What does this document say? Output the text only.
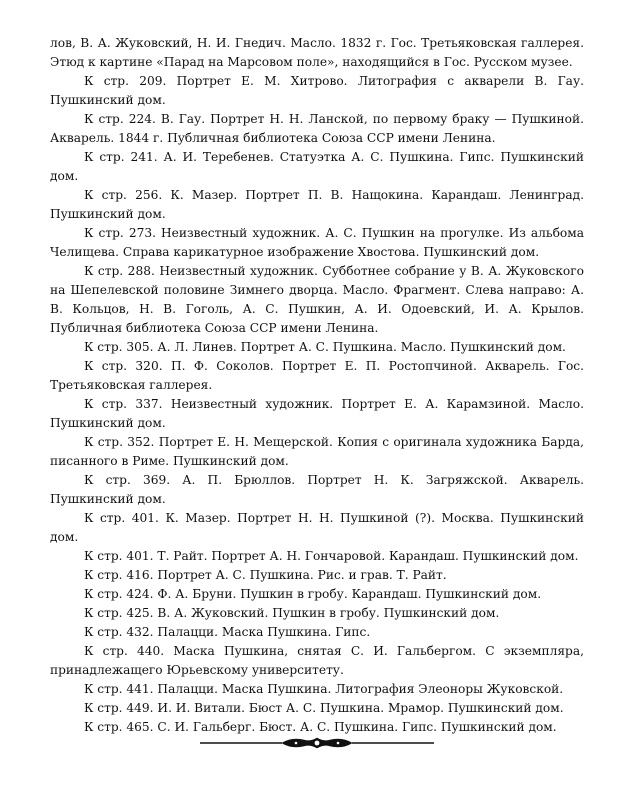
лов, В. А. Жуковский, Н. И. Гнедич. Масло. 1832 г. Гос. Третьяковская галлерея. Этюд к картине «Парад на Марсовом поле», находящийся в Гос. Русском музее.

К стр. 209. Портрет Е. М. Хитрово. Литография с акварели В. Гау. Пушкинский дом.

К стр. 224. В. Гау. Портрет Н. Н. Ланской, по первому браку — Пушкиной. Акварель. 1844 г. Публичная библиотека Союза ССР имени Ленина.

К стр. 241. А. И. Теребенев. Статуэтка А. С. Пушкина. Гипс. Пушкинский дом.

К стр. 256. К. Мазер. Портрет П. В. Нащокина. Карандаш. Ленинград. Пушкинский дом.

К стр. 273. Неизвестный художник. А. С. Пушкин на прогулке. Из альбома Челищева. Справа карикатурное изображение Хвостова. Пушкинский дом.

К стр. 288. Неизвестный художник. Субботнее собрание у В. А. Жуковского на Шепелевской половине Зимнего дворца. Масло. Фрагмент. Слева направо: А. В. Кольцов, Н. В. Гоголь, А. С. Пушкин, А. И. Одоевский, И. А. Крылов. Публичная библиотека Союза ССР имени Ленина.

К стр. 305. А. Л. Линев. Портрет А. С. Пушкина. Масло. Пушкинский дом.

К стр. 320. П. Ф. Соколов. Портрет Е. П. Ростопчиной. Акварель. Гос. Третьяковская галлерея.

К стр. 337. Неизвестный художник. Портрет Е. А. Карамзиной. Масло. Пушкинский дом.

К стр. 352. Портрет Е. Н. Мещерской. Копия с оригинала художника Барда, писанного в Риме. Пушкинский дом.

К стр. 369. А. П. Брюллов. Портрет Н. К. Загряжской. Акварель. Пушкинский дом.

К стр. 401. К. Мазер. Портрет Н. Н. Пушкиной (?). Москва. Пушкинский дом.

К стр. 401. Т. Райт. Портрет А. Н. Гончаровой. Карандаш. Пушкинский дом.

К стр. 416. Портрет А. С. Пушкина. Рис. и грав. Т. Райт.

К стр. 424. Ф. А. Бруни. Пушкин в гробу. Карандаш. Пушкинский дом.

К стр. 425. В. А. Жуковский. Пушкин в гробу. Пушкинский дом.

К стр. 432. Палацци. Маска Пушкина. Гипс.

К стр. 440. Маска Пушкина, снятая С. И. Гальбергом. С экземпляра, принадлежащего Юрьевскому университету.

К стр. 441. Палацци. Маска Пушкина. Литография Элеоноры Жуковской.

К стр. 449. И. И. Витали. Бюст А. С. Пушкина. Мрамор. Пушкинский дом.

К стр. 465. С. И. Гальберг. Бюст. А. С. Пушкина. Гипс. Пушкинский дом.
